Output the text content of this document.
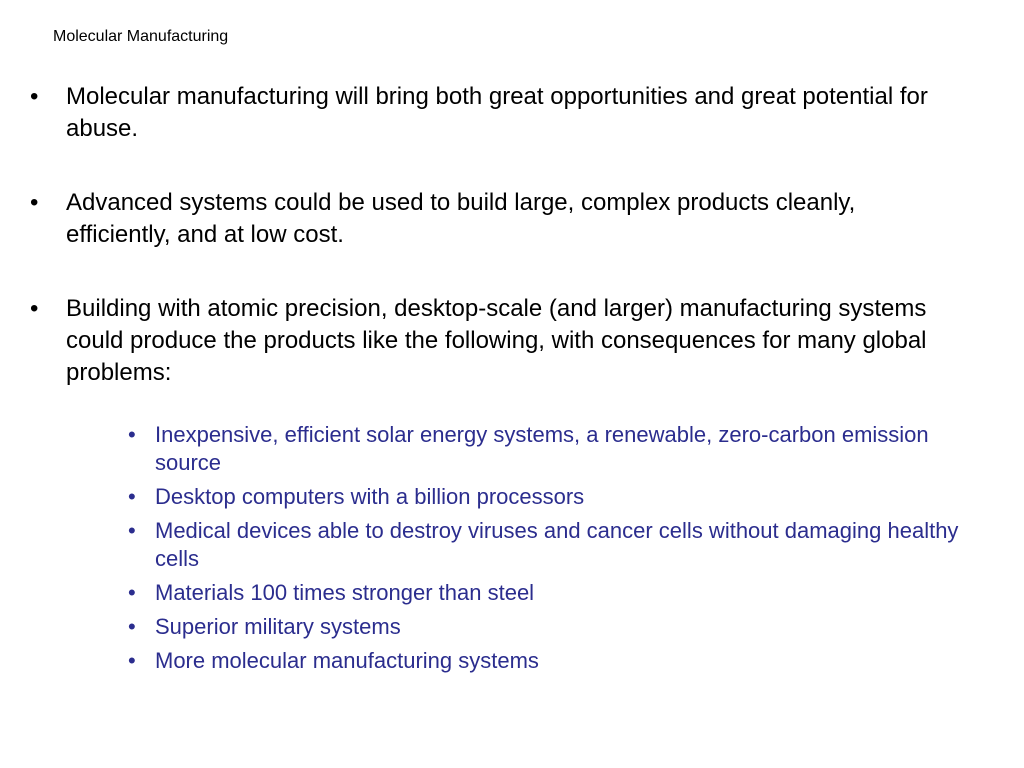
Molecular Manufacturing
• Molecular manufacturing will bring both great opportunities and great potential for abuse.
• Advanced systems could be used to build large, complex products cleanly, efficiently, and at low cost.
• Building with atomic precision, desktop-scale (and larger) manufacturing systems could produce the products like the following, with consequences for many global problems:
• Inexpensive, efficient solar energy systems, a renewable, zero-carbon emission source
• Desktop computers with a billion processors
• Medical devices able to destroy viruses and cancer cells without damaging healthy cells
• Materials 100 times stronger than steel
• Superior military systems
• More molecular manufacturing systems
